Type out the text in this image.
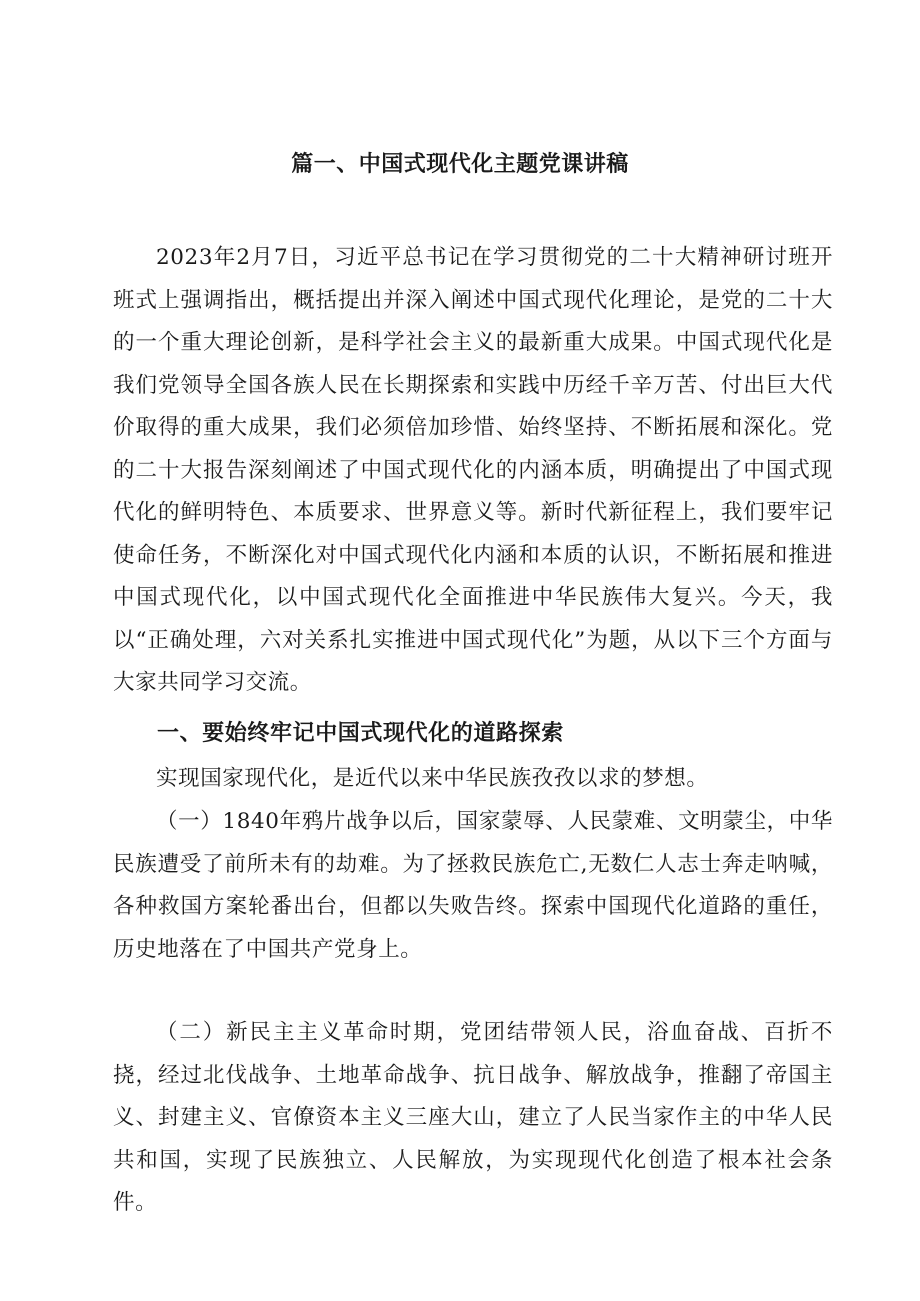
篇一、中国式现代化主题党课讲稿

2023年2月7日，习近平总书记在学习贯彻党的二十大精神研讨班开班式上强调指出，概括提出并深入阐述中国式现代化理论，是党的二十大的一个重大理论创新，是科学社会主义的最新重大成果。中国式现代化是我们党领导全国各族人民在长期探索和实践中历经千辛万苦、付出巨大代价取得的重大成果，我们必须倍加珍惜、始终坚持、不断拓展和深化。党的二十大报告深刻阐述了中国式现代化的内涵本质，明确提出了中国式现代化的鲜明特色、本质要求、世界意义等。新时代新征程上，我们要牢记使命任务，不断深化对中国式现代化内涵和本质的认识，不断拓展和推进中国式现代化，以中国式现代化全面推进中华民族伟大复兴。今天，我以“正确处理，六对关系扎实推进中国式现代化”为题，从以下三个方面与大家共同学习交流。

一、要始终牢记中国式现代化的道路探索

实现国家现代化，是近代以来中华民族孜孜以求的梦想。

（一）1840年鸦片战争以后，国家蒙辱、人民蒙难、文明蒙尘，中华民族遭受了前所未有的劫难。为了拯救民族危亡,无数仁人志士奔走呐喊，各种救国方案轮番出台，但都以失败告终。探索中国现代化道路的重任，历史地落在了中国共产党身上。

（二）新民主主义革命时期，党团结带领人民，浴血奋战、百折不挠，经过北伐战争、土地革命战争、抗日战争、解放战争，推翻了帝国主义、封建主义、官僚资本主义三座大山，建立了人民当家作主的中华人民共和国，实现了民族独立、人民解放，为实现现代化创造了根本社会条件。
